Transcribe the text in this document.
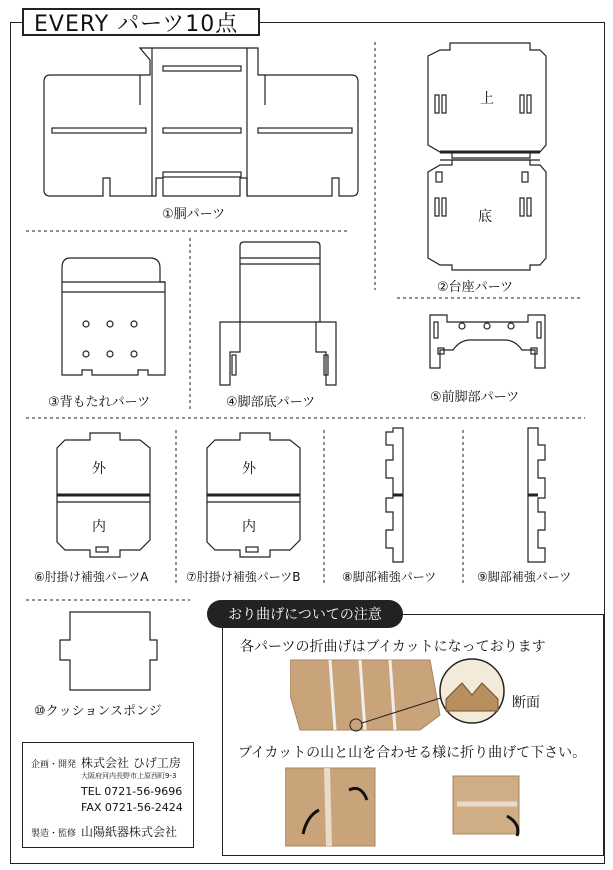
EVERY パーツ10点
上
底
外
内
外
内
①胴パーツ
②台座パーツ
③背もたれパーツ	④脚部底パーツ	⑤前脚部パーツ
⑥肘掛け補強パーツA	⑦肘掛け補強パーツB	⑧脚部補強パーツ	⑨脚部補強パーツ
⑩クッションスポンジ
おり曲げについての注意
各パーツの折曲げはブイカットになっております
断面
ブイカットの山と山を合わせる様に折り曲げて下さい。
企画・開発 株式会社 ひげ工房
大阪府河内長野市上原西町9-3
TEL 0721-56-9696
FAX 0721-56-2424
製造・監修 山陽紙器株式会社
